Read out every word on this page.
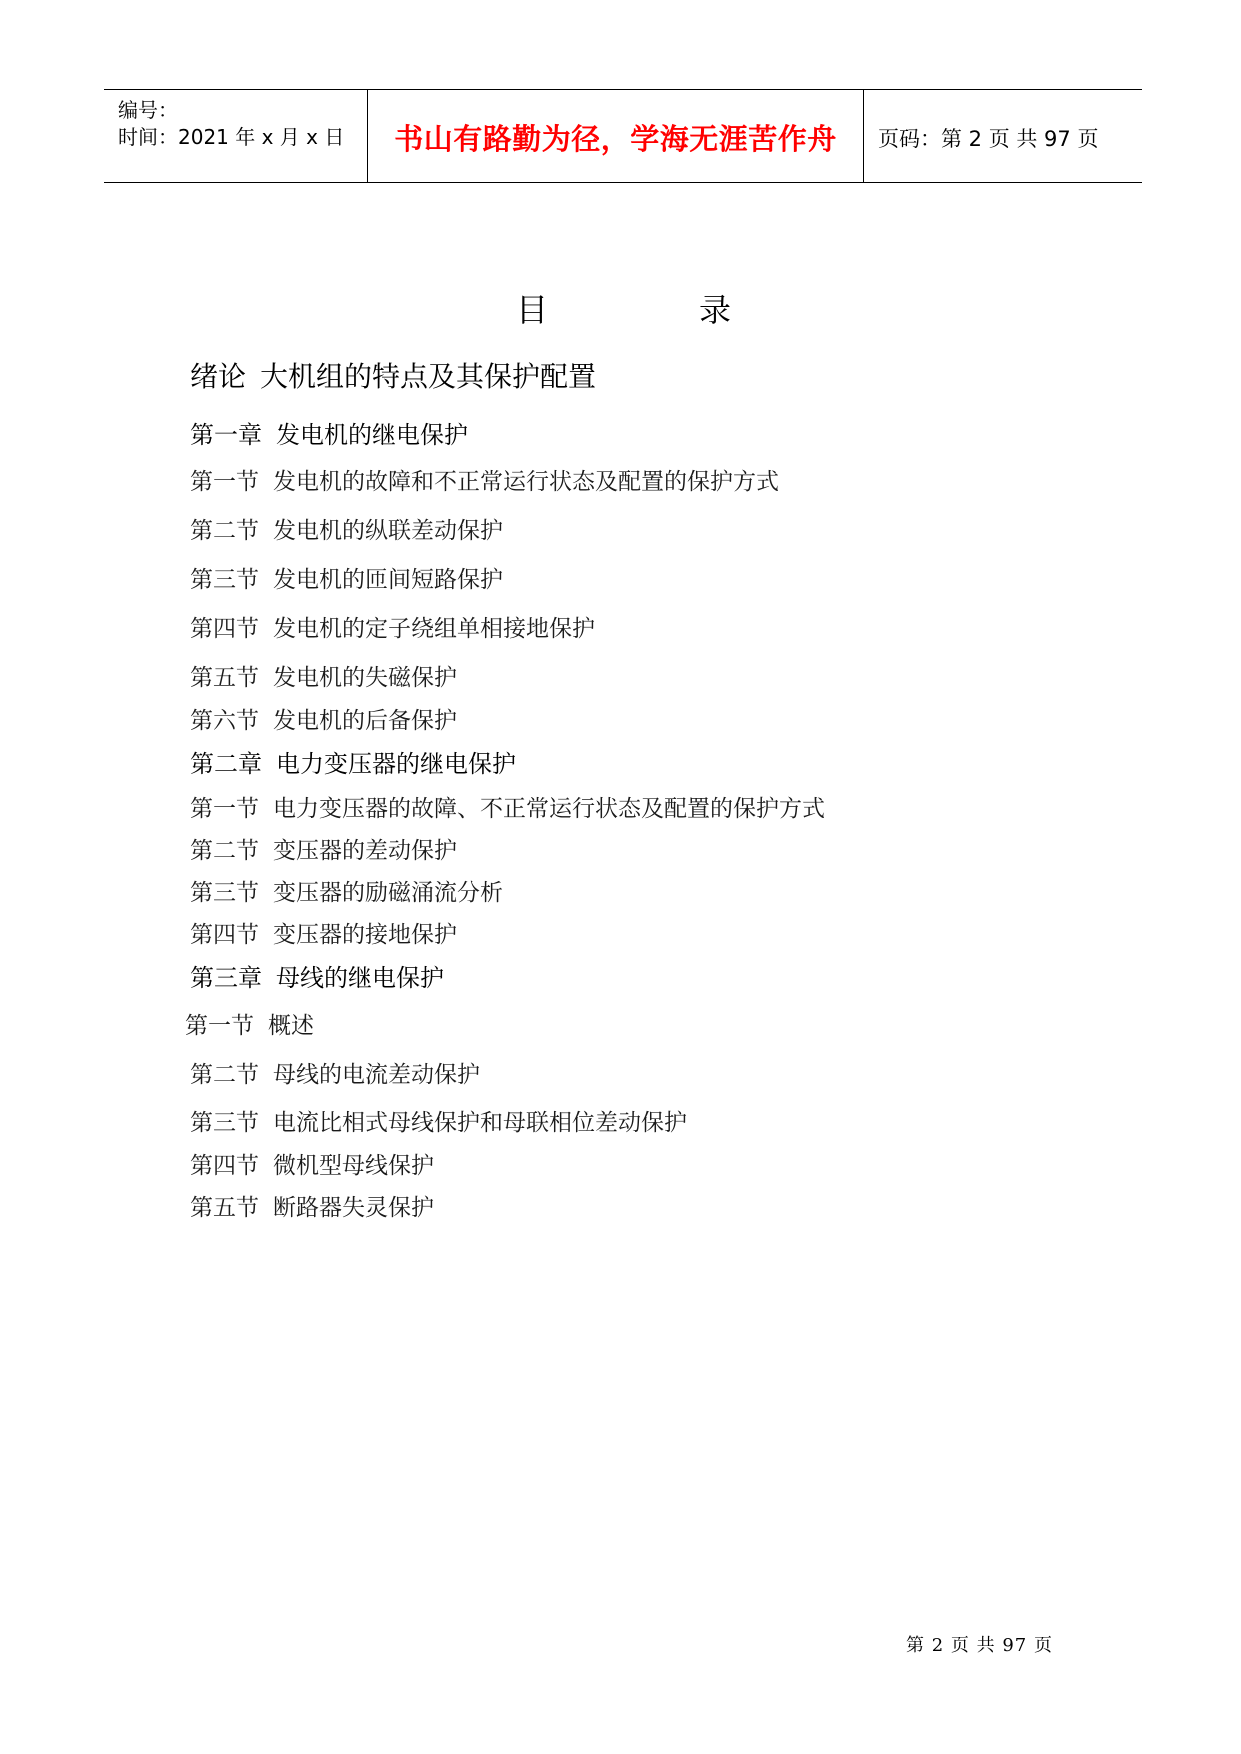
编号：
时间：2021 年 x 月 x 日	书山有路勤为径，学海无涯苦作舟	页码：第 2 页 共 97 页
目	录
绪论 大机组的特点及其保护配置
第一章 发电机的继电保护
第一节 发电机的故障和不正常运行状态及配置的保护方式
第二节 发电机的纵联差动保护
第三节 发电机的匝间短路保护
第四节 发电机的定子绕组单相接地保护
第五节 发电机的失磁保护
第六节 发电机的后备保护
第二章 电力变压器的继电保护
第一节 电力变压器的故障、不正常运行状态及配置的保护方式
第二节 变压器的差动保护
第三节 变压器的励磁涌流分析
第四节 变压器的接地保护
第三章 母线的继电保护
第一节 概述
第二节 母线的电流差动保护
第三节 电流比相式母线保护和母联相位差动保护
第四节 微机型母线保护
第五节 断路器失灵保护
第 2 页 共 97 页
